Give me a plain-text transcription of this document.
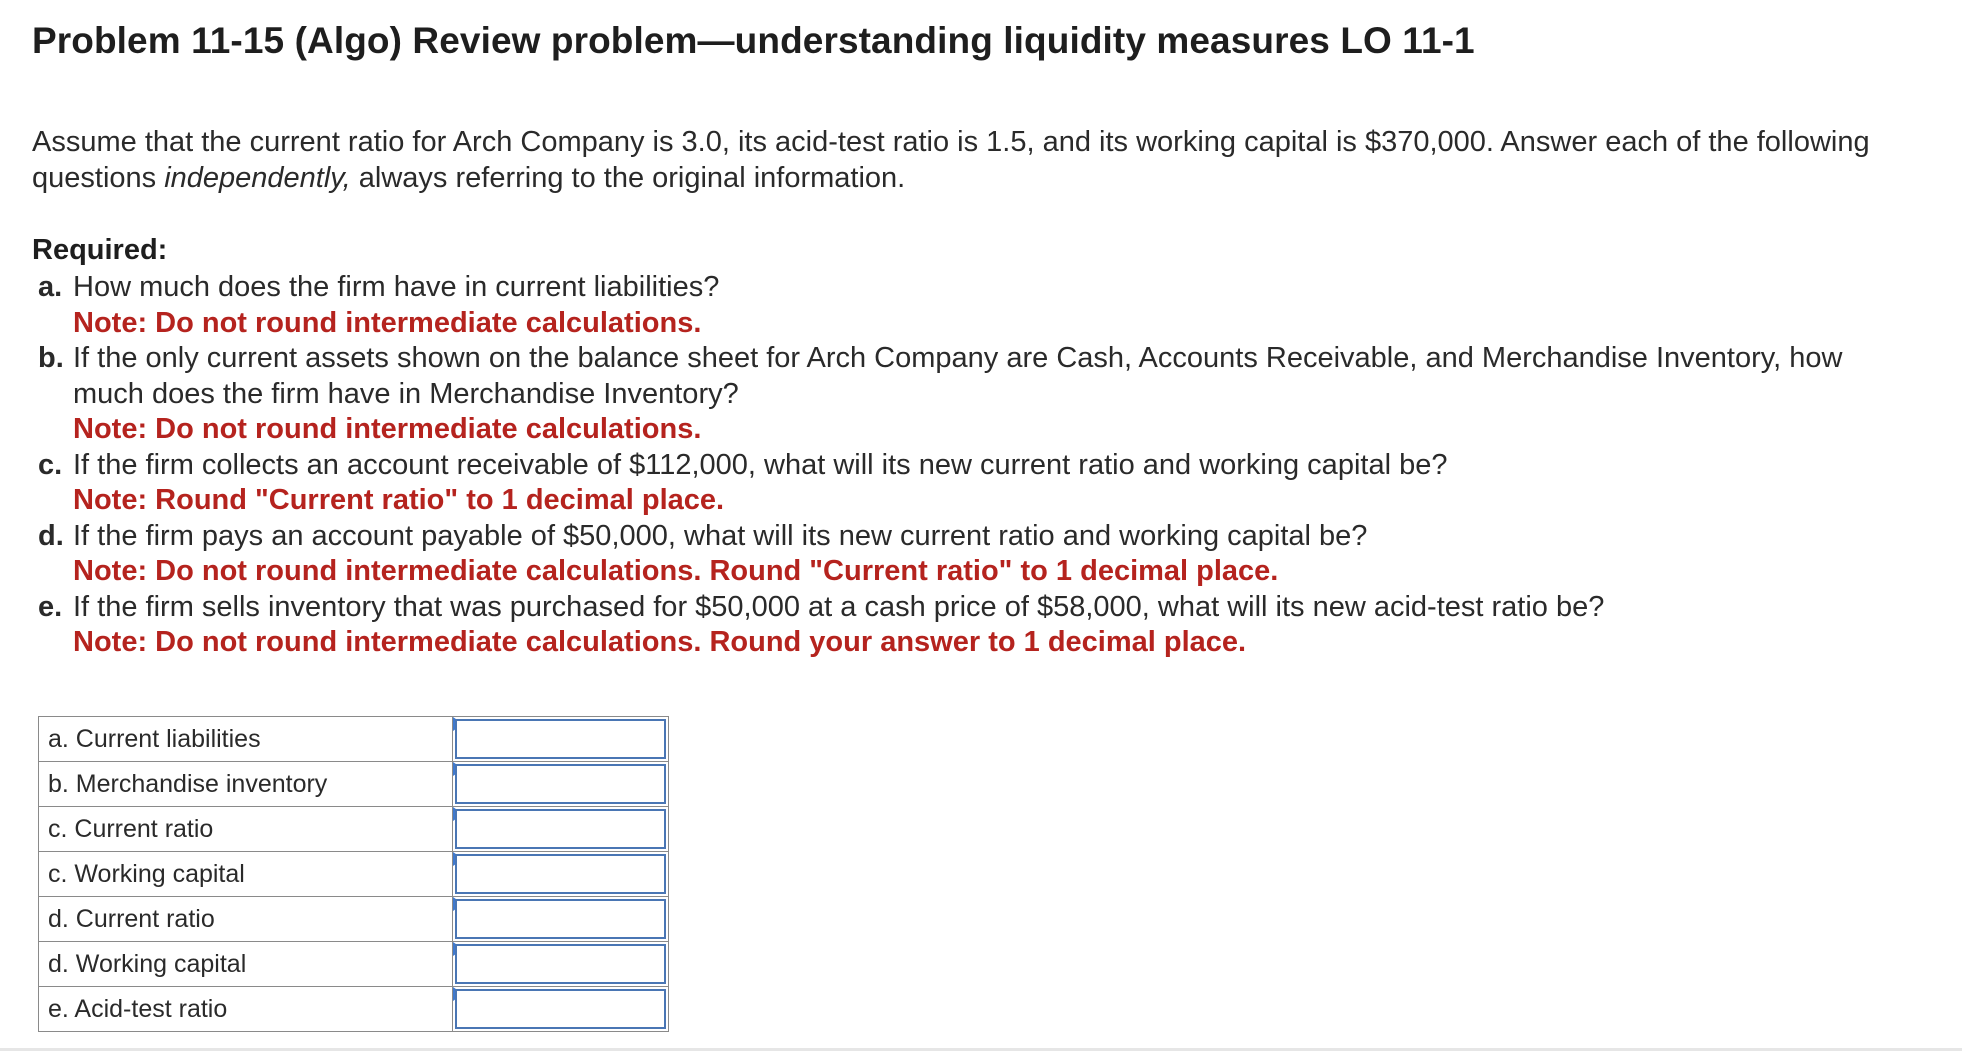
Problem 11-15 (Algo) Review problem—understanding liquidity measures LO 11-1
Assume that the current ratio for Arch Company is 3.0, its acid-test ratio is 1.5, and its working capital is $370,000. Answer each of the following questions independently, always referring to the original information.
Required:
a. How much does the firm have in current liabilities?
Note: Do not round intermediate calculations.
b. If the only current assets shown on the balance sheet for Arch Company are Cash, Accounts Receivable, and Merchandise Inventory, how much does the firm have in Merchandise Inventory?
Note: Do not round intermediate calculations.
c. If the firm collects an account receivable of $112,000, what will its new current ratio and working capital be?
Note: Round "Current ratio" to 1 decimal place.
d. If the firm pays an account payable of $50,000, what will its new current ratio and working capital be?
Note: Do not round intermediate calculations. Round "Current ratio" to 1 decimal place.
e. If the firm sells inventory that was purchased for $50,000 at a cash price of $58,000, what will its new acid-test ratio be?
Note: Do not round intermediate calculations. Round your answer to 1 decimal place.
a. Current liabilities	

b. Merchandise inventory	

c. Current ratio	

c. Working capital	

d. Current ratio	

d. Working capital	

e. Acid-test ratio	
